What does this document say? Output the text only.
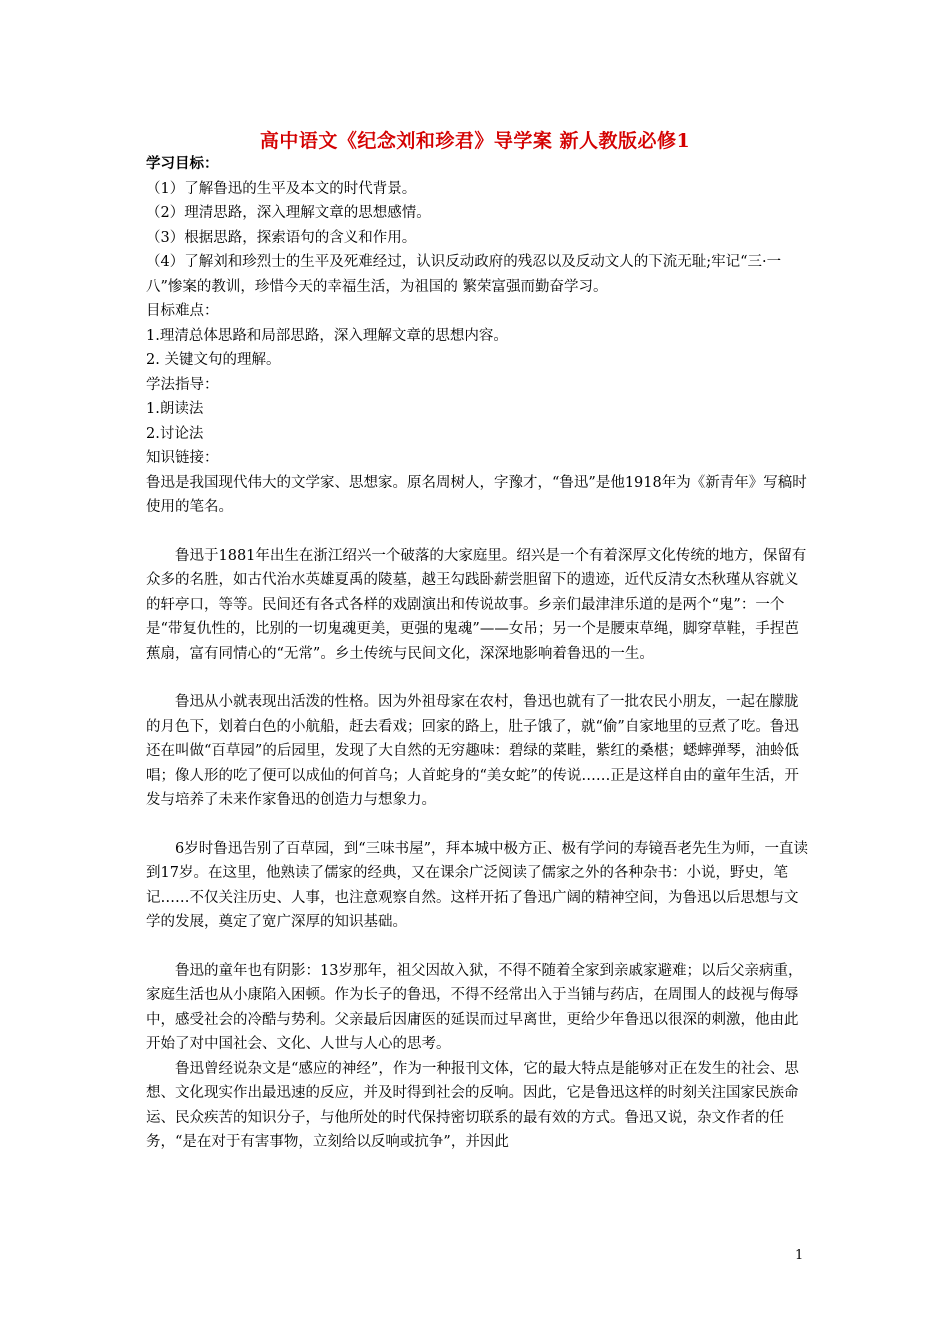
高中语文《纪念刘和珍君》导学案 新人教版必修1

学习目标：

（1）了解鲁迅的生平及本文的时代背景。

（2）理清思路，深入理解文章的思想感情。

（3）根据思路，探索语句的含义和作用。

（4）了解刘和珍烈士的生平及死难经过，认识反动政府的残忍以及反动文人的下流无耻;牢记“三·一 八”惨案的教训，珍惜今天的幸福生活，为祖国的 繁荣富强而勤奋学习。

目标难点：

1.理清总体思路和局部思路，深入理解文章的思想内容。

2. 关键文句的理解。

学法指导：

1.朗读法

2.讨论法

知识链接：

鲁迅是我国现代伟大的文学家、思想家。原名周树人，字豫才，“鲁迅”是他1918年为《新青年》写稿时使用的笔名。

鲁迅于1881年出生在浙江绍兴一个破落的大家庭里。绍兴是一个有着深厚文化传统的地方，保留有众多的名胜，如古代治水英雄夏禹的陵墓，越王勾践卧薪尝胆留下的遗迹，近代反清女杰秋瑾从容就义的轩亭口，等等。民间还有各式各样的戏剧演出和传说故事。乡亲们最津津乐道的是两个“鬼”：一个是“带复仇性的，比别的一切鬼魂更美，更强的鬼魂”——女吊；另一个是腰束草绳，脚穿草鞋，手捏芭蕉扇，富有同情心的“无常”。乡土传统与民间文化，深深地影响着鲁迅的一生。

鲁迅从小就表现出活泼的性格。因为外祖母家在农村，鲁迅也就有了一批农民小朋友，一起在朦胧的月色下，划着白色的小航船，赶去看戏；回家的路上，肚子饿了，就“偷”自家地里的豆煮了吃。鲁迅还在叫做“百草园”的后园里，发现了大自然的无穷趣味：碧绿的菜畦，紫红的桑椹；蟋蟀弹琴，油蛉低唱；像人形的吃了便可以成仙的何首乌；人首蛇身的“美女蛇”的传说……正是这样自由的童年生活，开发与培养了未来作家鲁迅的创造力与想象力。

6岁时鲁迅告别了百草园，到“三味书屋”，拜本城中极方正、极有学问的寿镜吾老先生为师，一直读到17岁。在这里，他熟读了儒家的经典，又在课余广泛阅读了儒家之外的各种杂书：小说，野史，笔记……不仅关注历史、人事，也注意观察自然。这样开拓了鲁迅广阔的精神空间，为鲁迅以后思想与文学的发展，奠定了宽广深厚的知识基础。

鲁迅的童年也有阴影：13岁那年，祖父因故入狱，不得不随着全家到亲戚家避难；以后父亲病重，家庭生活也从小康陷入困顿。作为长子的鲁迅，不得不经常出入于当铺与药店，在周围人的歧视与侮辱中，感受社会的冷酷与势利。父亲最后因庸医的延误而过早离世，更给少年鲁迅以很深的刺激，他由此开始了对中国社会、文化、人世与人心的思考。

鲁迅曾经说杂文是“感应的神经”，作为一种报刊文体，它的最大特点是能够对正在发生的社会、思想、文化现实作出最迅速的反应，并及时得到社会的反响。因此，它是鲁迅这样的时刻关注国家民族命运、民众疾苦的知识分子，与他所处的时代保持密切联系的最有效的方式。鲁迅又说，杂文作者的任务，“是在对于有害事物，立刻给以反响或抗争”，并因此

1
